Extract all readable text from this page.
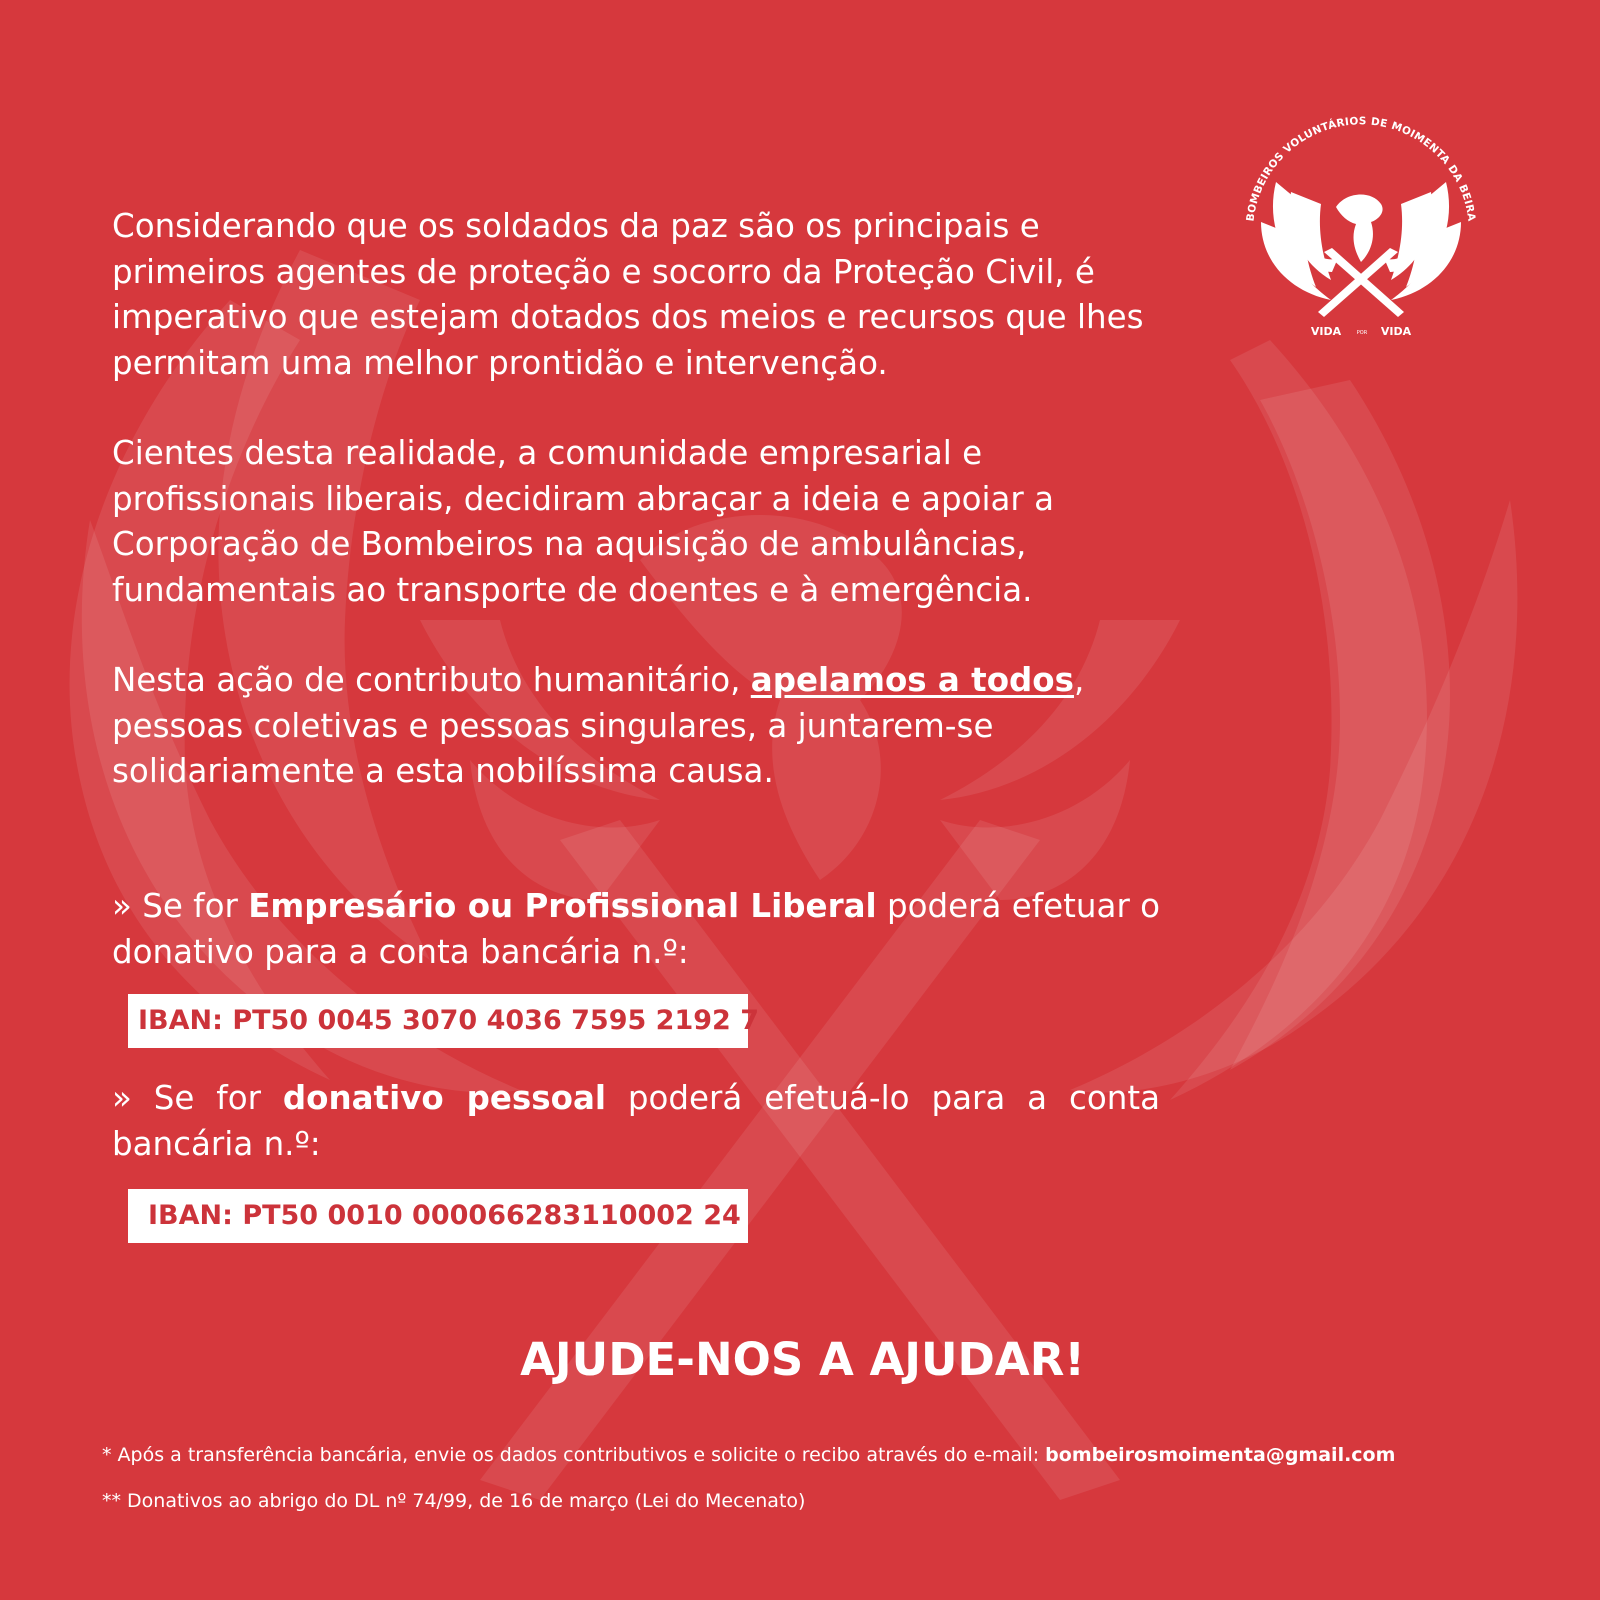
BOMBEIROS VOLUNTÁRIOS DE MOIMENTA DA BEIRA
VIDA	POR VIDA

Considerando que os soldados da paz são os principais e primeiros agentes de proteção e socorro da Proteção Civil, é imperativo que estejam dotados dos meios e recursos que lhes permitam uma melhor prontidão e intervenção.

Cientes desta realidade, a comunidade empresarial e profissionais liberais, decidiram abraçar a ideia e apoiar a Corporação de Bombeiros na aquisição de ambulâncias, fundamentais ao transporte de doentes e à emergência.

Nesta ação de contributo humanitário, apelamos a todos, pessoas coletivas e pessoas singulares, a juntarem-se solidariamente a esta nobilíssima causa.

» Se for Empresário ou Profissional Liberal poderá efetuar o donativo para a conta bancária n.º:

» Se for donativo pessoal poderá efetuá-lo para a conta bancária n.º:

IBAN: PT50 0045 3070 4036 7595 2192 7
IBAN: PT50 0010 000066283110002 24
AJUDE-NOS A AJUDAR!
* Após a transferência bancária, envie os dados contributivos e solicite o recibo através do e-mail: bombeirosmoimenta@gmail.com
** Donativos ao abrigo do DL nº 74/99, de 16 de março (Lei do Mecenato)
